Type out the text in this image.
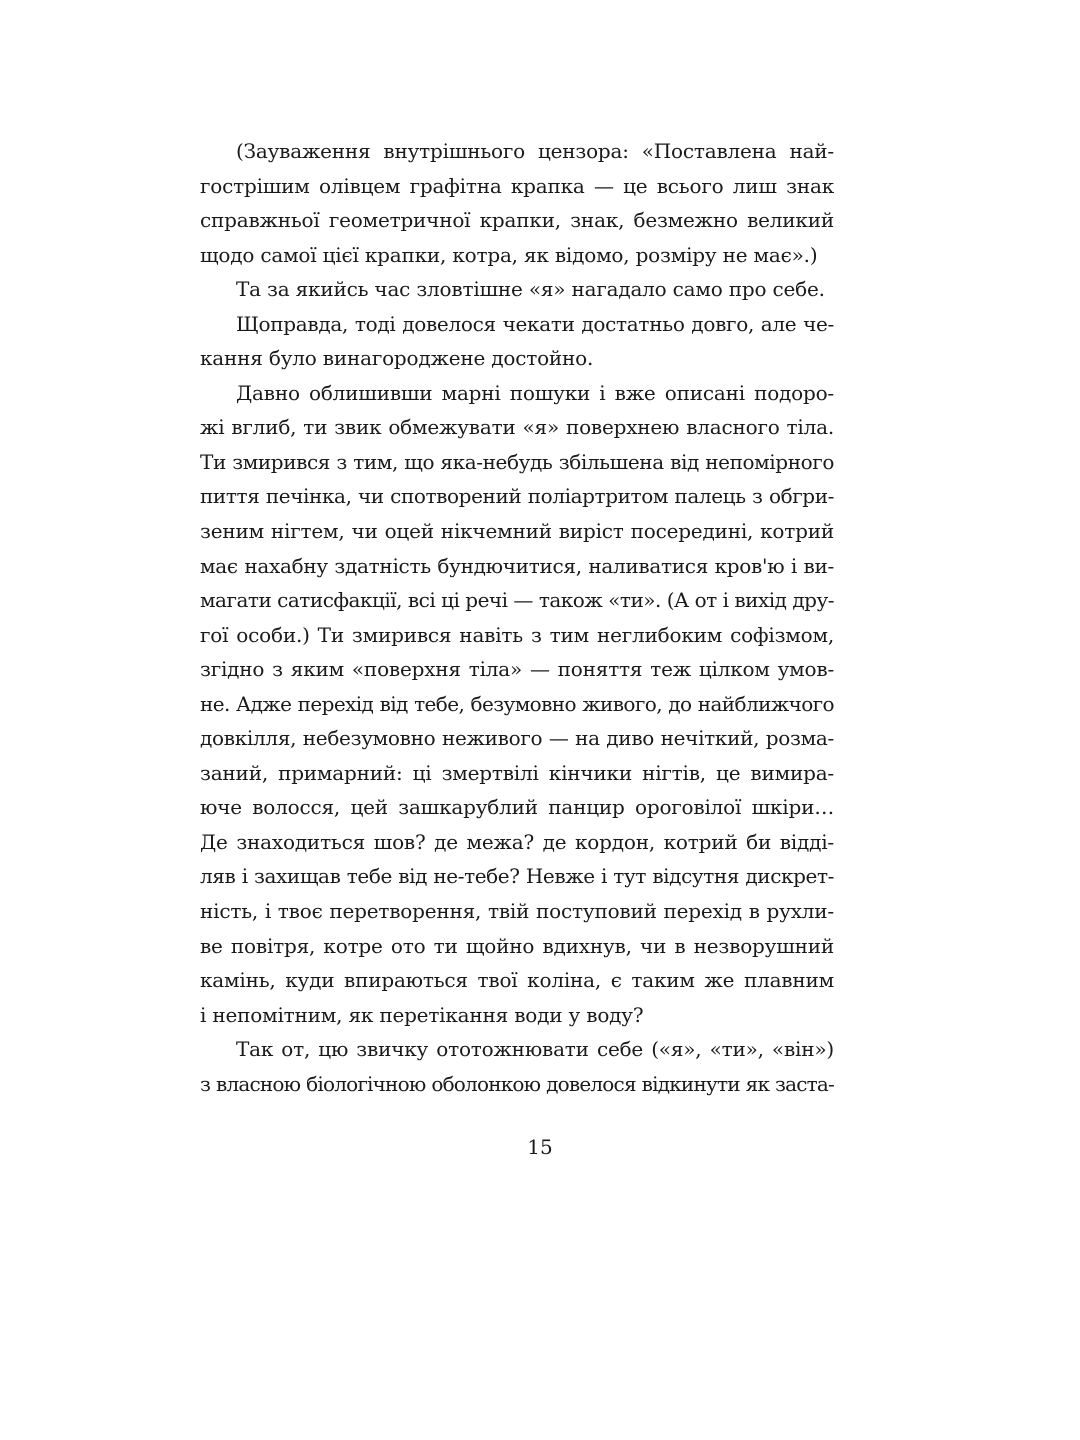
(Зауваження внутрішнього цензора: «Поставлена най-
гострішим олівцем графітна крапка — це всього лиш знак
справжньої геометричної крапки, знак, безмежно великий
щодо самої цієї крапки, котра, як відомо, розміру не має».)
Та за якийсь час зловтішне «я» нагадало само про себе.
Щоправда, тоді довелося чекати достатньо довго, але че-
кання було винагороджене достойно.
Давно облишивши марні пошуки і вже описані подоро-
жі вглиб, ти звик обмежувати «я» поверхнею власного тіла.
Ти змирився з тим, що яка-небудь збільшена від непомірного
пиття печінка, чи спотворений поліартритом палець з обгри-
зеним нігтем, чи оцей нікчемний виріст посередині, котрий
має нахабну здатність бундючитися, наливатися кров'ю і ви-
магати сатисфакції, всі ці речі — також «ти». (А от і вихід дру-
гої особи.) Ти змирився навіть з тим неглибоким софізмом,
згідно з яким «поверхня тіла» — поняття теж цілком умов-
не. Адже перехід від тебе, безумовно живого, до найближчого
довкілля, небезумовно неживого — на диво нечіткий, розма-
заний, примарний: ці змертвілі кінчики нігтів, це вимира-
юче волосся, цей зашкарублий панцир ороговілої шкіри…
Де знаходиться шов? де межа? де кордон, котрий би відді-
ляв і захищав тебе від не-тебе? Невже і тут відсутня дискрет-
ність, і твоє перетворення, твій поступовий перехід в рухли-
ве повітря, котре ото ти щойно вдихнув, чи в незворушний
камінь, куди впираються твої коліна, є таким же плавним
і непомітним, як перетікання води у воду?
Так от, цю звичку ототожнювати себе («я», «ти», «він»)
з власною біологічною оболонкою довелося відкинути як заста-
15
